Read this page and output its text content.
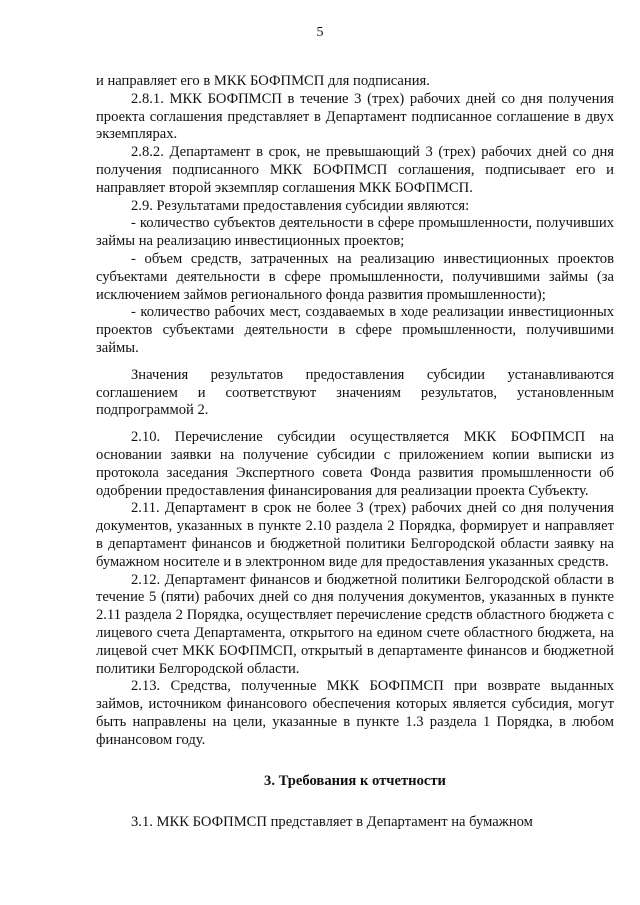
5

и направляет его в МКК БОФПМСП для подписания.

2.8.1. МКК БОФПМСП в течение 3 (трех) рабочих дней со дня получения проекта соглашения представляет в Департамент подписанное соглашение в двух экземплярах.

2.8.2. Департамент в срок, не превышающий 3 (трех) рабочих дней со дня получения подписанного МКК БОФПМСП соглашения, подписывает его и направляет второй экземпляр соглашения МКК БОФПМСП.

2.9. Результатами предоставления субсидии являются:

- количество субъектов деятельности в сфере промышленности, получивших займы на реализацию инвестиционных проектов;

- объем средств, затраченных на реализацию инвестиционных проектов субъектами деятельности в сфере промышленности, получившими займы (за исключением займов регионального фонда развития промышленности);

- количество рабочих мест, создаваемых в ходе реализации инвестиционных проектов субъектами деятельности в сфере промышленности, получившими займы.

Значения результатов предоставления субсидии устанавливаются соглашением и соответствуют значениям результатов, установленным подпрограммой 2.

2.10. Перечисление субсидии осуществляется МКК БОФПМСП на основании заявки на получение субсидии с приложением копии выписки из протокола заседания Экспертного совета Фонда развития промышленности об одобрении предоставления финансирования для реализации проекта Субъекту.

2.11. Департамент в срок не более 3 (трех) рабочих дней со дня получения документов, указанных в пункте 2.10 раздела 2 Порядка, формирует и направляет в департамент финансов и бюджетной политики Белгородской области заявку на бумажном носителе и в электронном виде для предоставления указанных средств.

2.12. Департамент финансов и бюджетной политики Белгородской области в течение 5 (пяти) рабочих дней со дня получения документов, указанных в пункте 2.11 раздела 2 Порядка, осуществляет перечисление средств областного бюджета с лицевого счета Департамента, открытого на едином счете областного бюджета, на лицевой счет МКК БОФПМСП, открытый в департаменте финансов и бюджетной политики Белгородской области.

2.13. Средства, полученные МКК БОФПМСП при возврате выданных займов, источником финансового обеспечения которых является субсидия, могут быть направлены на цели, указанные в пункте 1.3 раздела 1 Порядка, в любом финансовом году.

3. Требования к отчетности

3.1. МКК БОФПМСП представляет в Департамент на бумажном
